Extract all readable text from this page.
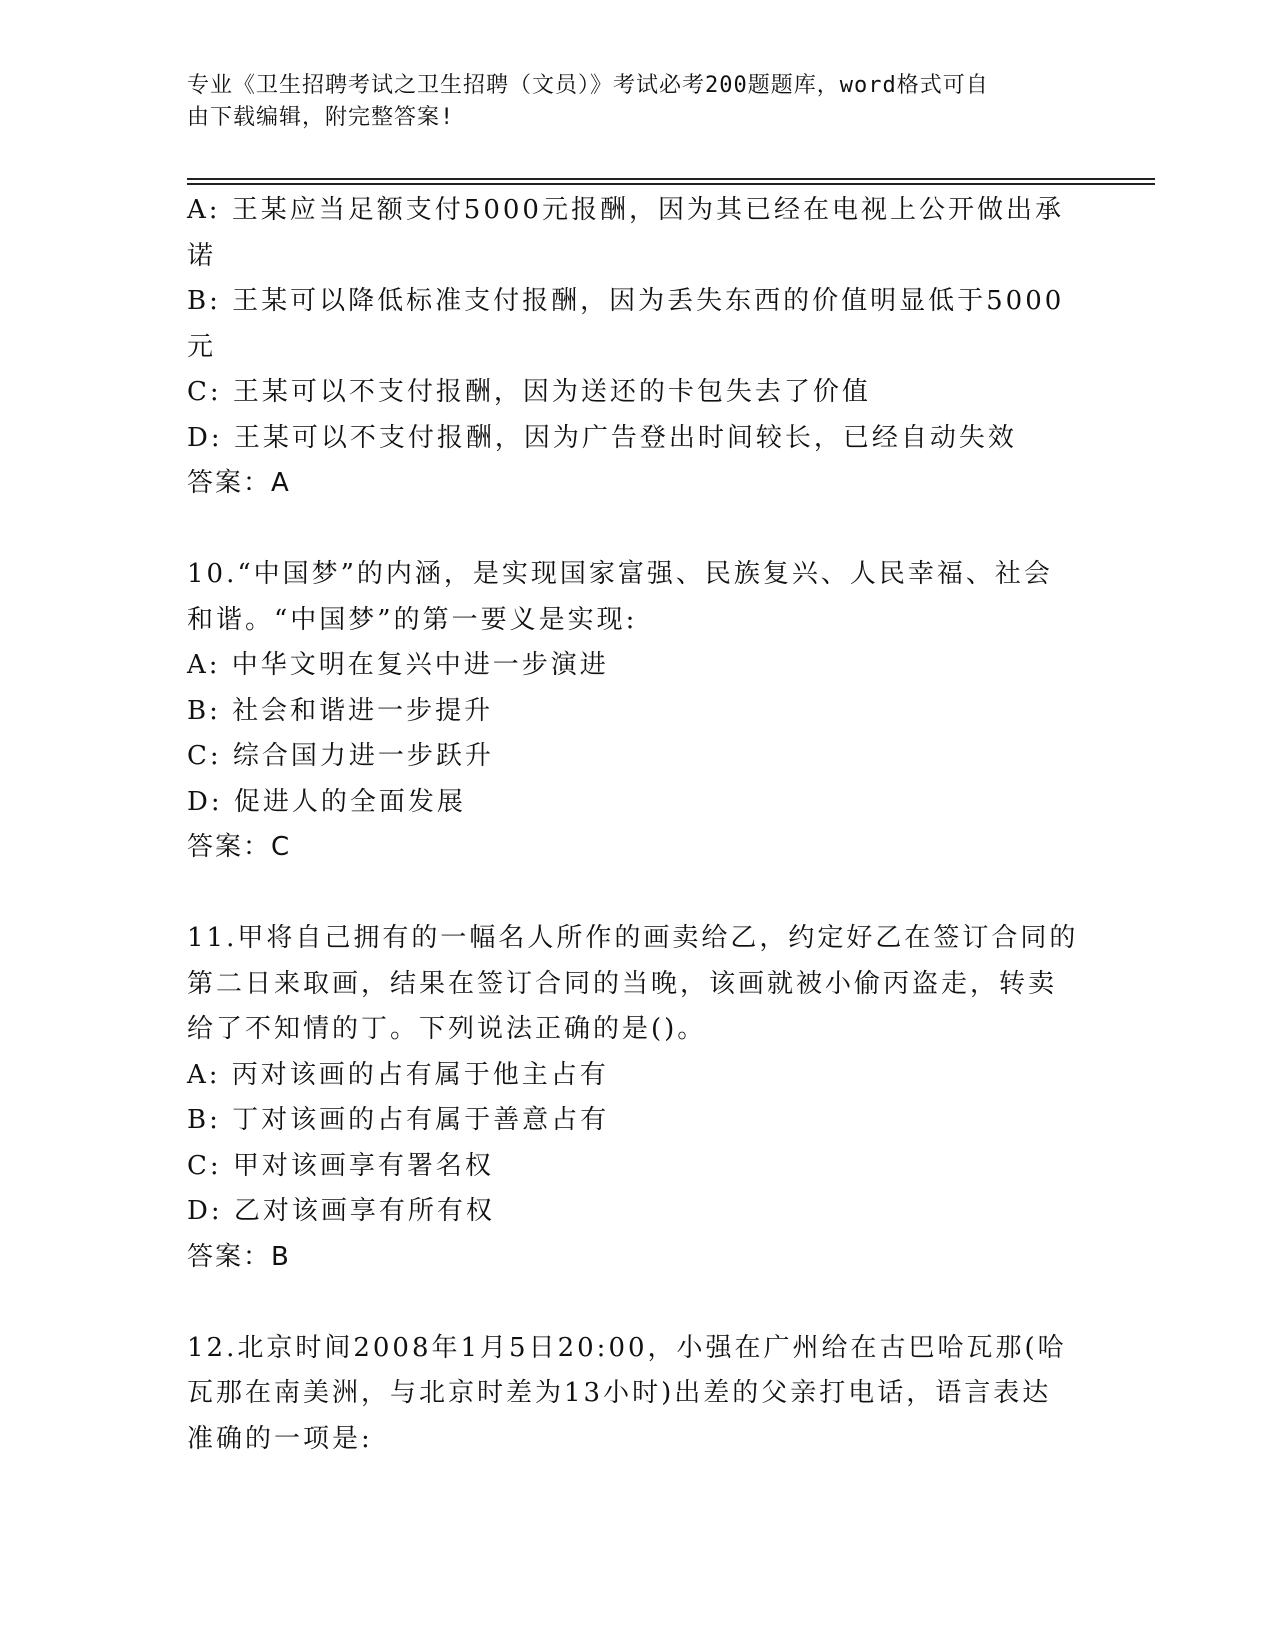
专业《卫生招聘考试之卫生招聘（文员）》考试必考200题题库，word格式可自
由下载编辑，附完整答案!
A: 王某应当足额支付5000元报酬，因为其已经在电视上公开做出承
诺
B: 王某可以降低标准支付报酬，因为丢失东西的价值明显低于5000
元
C: 王某可以不支付报酬，因为送还的卡包失去了价值
D: 王某可以不支付报酬，因为广告登出时间较长，已经自动失效
答案：A
10.“中国梦”的内涵，是实现国家富强、民族复兴、人民幸福、社会
和谐。“中国梦”的第一要义是实现:
A: 中华文明在复兴中进一步演进
B: 社会和谐进一步提升
C: 综合国力进一步跃升
D: 促进人的全面发展
答案：C
11.甲将自己拥有的一幅名人所作的画卖给乙，约定好乙在签订合同的
第二日来取画，结果在签订合同的当晚，该画就被小偷丙盗走，转卖
给了不知情的丁。下列说法正确的是()。
A: 丙对该画的占有属于他主占有
B: 丁对该画的占有属于善意占有
C: 甲对该画享有署名权
D: 乙对该画享有所有权
答案：B
12.北京时间2008年1月5日20:00，小强在广州给在古巴哈瓦那(哈
瓦那在南美洲，与北京时差为13小时)出差的父亲打电话，语言表达
准确的一项是:
